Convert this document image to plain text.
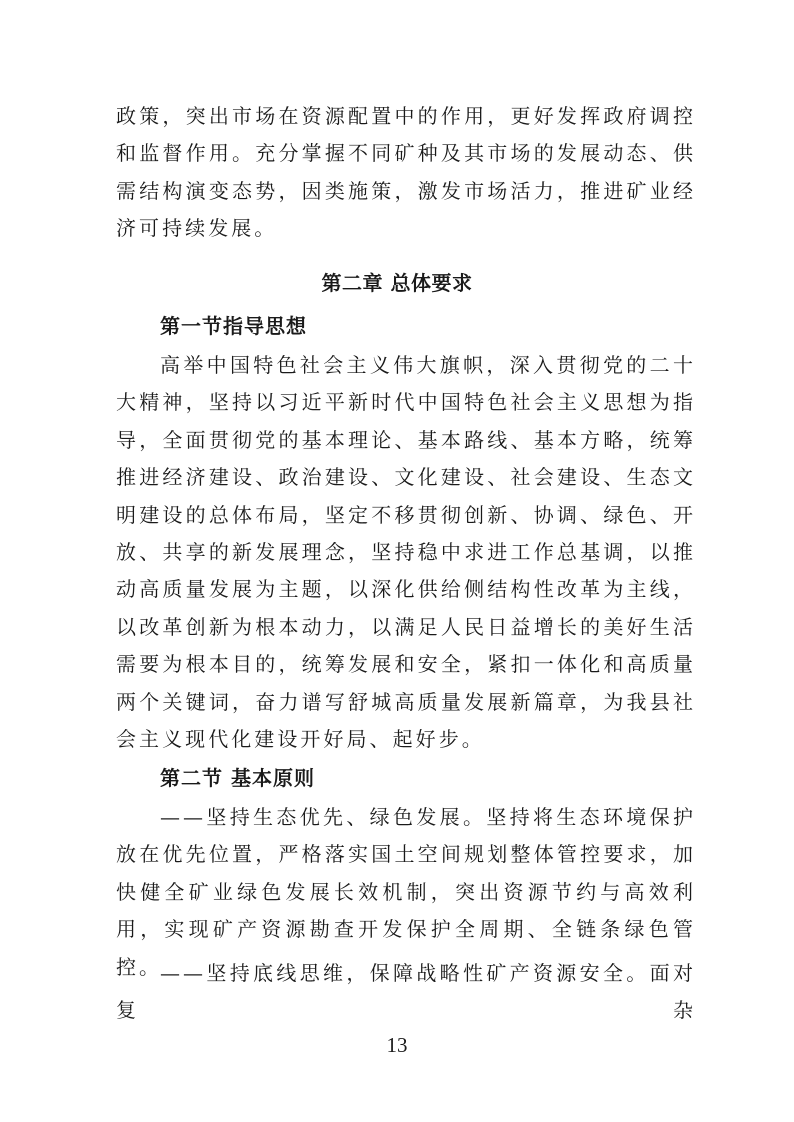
政策，突出市场在资源配置中的作用，更好发挥政府调控和监督作用。充分掌握不同矿种及其市场的发展动态、供需结构演变态势，因类施策，激发市场活力，推进矿业经济可持续发展。

第二章 总体要求
第一节指导思想

高举中国特色社会主义伟大旗帜，深入贯彻党的二十大精神，坚持以习近平新时代中国特色社会主义思想为指导，全面贯彻党的基本理论、基本路线、基本方略，统筹推进经济建设、政治建设、文化建设、社会建设、生态文明建设的总体布局，坚定不移贯彻创新、协调、绿色、开放、共享的新发展理念，坚持稳中求进工作总基调，以推动高质量发展为主题，以深化供给侧结构性改革为主线，以改革创新为根本动力，以满足人民日益增长的美好生活需要为根本目的，统筹发展和安全，紧扣一体化和高质量两个关键词，奋力谱写舒城高质量发展新篇章，为我县社会主义现代化建设开好局、起好步。

第二节 基本原则

——坚持生态优先、绿色发展。坚持将生态环境保护放在优先位置，严格落实国土空间规划整体管控要求，加快健全矿业绿色发展长效机制，突出资源节约与高效利用，实现矿产资源勘查开发保护全周期、全链条绿色管控。

——坚持底线思维，保障战略性矿产资源安全。面对复杂

13
